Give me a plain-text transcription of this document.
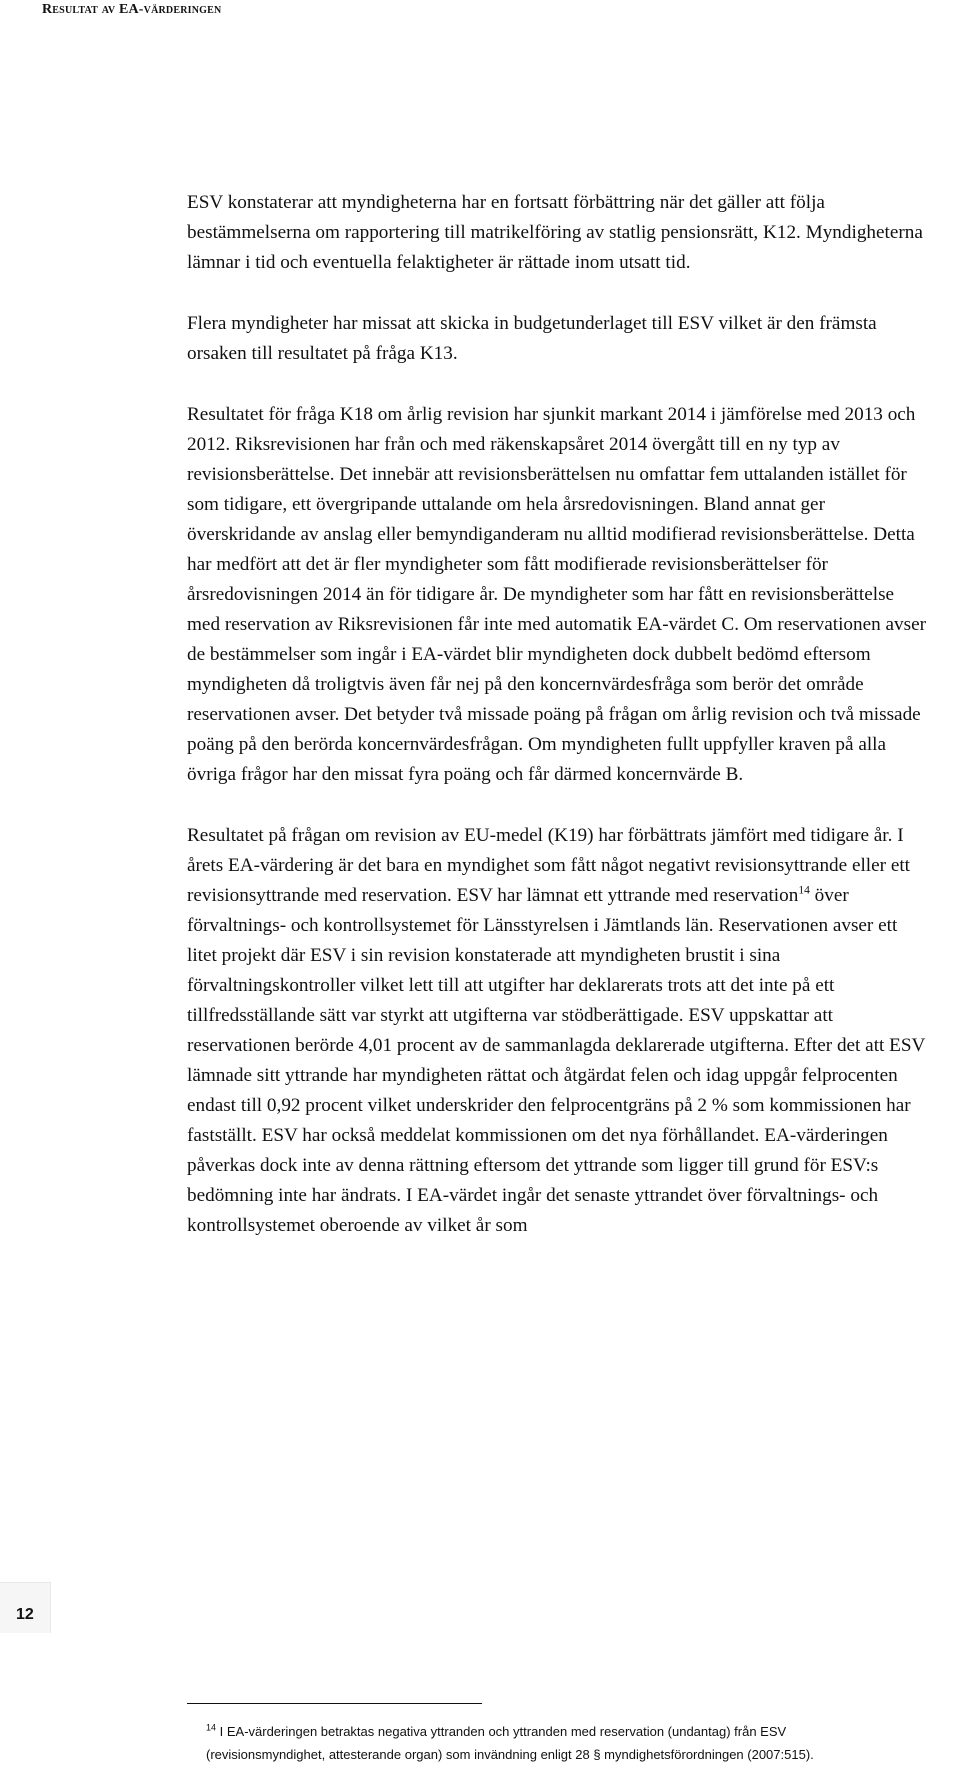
Resultat av EA-värderingen

ESV konstaterar att myndigheterna har en fortsatt förbättring när det gäller att följa bestämmelserna om rapportering till matrikelföring av statlig pensionsrätt, K12. Myndigheterna lämnar i tid och eventuella felaktigheter är rättade inom utsatt tid.

Flera myndigheter har missat att skicka in budgetunderlaget till ESV vilket är den främsta orsaken till resultatet på fråga K13.

Resultatet för fråga K18 om årlig revision har sjunkit markant 2014 i jämförelse med 2013 och 2012. Riksrevisionen har från och med räkenskapsåret 2014 övergått till en ny typ av revisionsberättelse. Det innebär att revisionsberättelsen nu omfattar fem uttalanden istället för som tidigare, ett övergripande uttalande om hela årsredovisningen. Bland annat ger överskridande av anslag eller bemyndiganderam nu alltid modifierad revisionsberättelse. Detta har medfört att det är fler myndigheter som fått modifierade revisionsberättelser för årsredovisningen 2014 än för tidigare år. De myndigheter som har fått en revisionsberättelse med reservation av Riksrevisionen får inte med automatik EA-värdet C. Om reservationen avser de bestämmelser som ingår i EA-värdet blir myndigheten dock dubbelt bedömd eftersom myndigheten då troligtvis även får nej på den koncernvärdesfråga som berör det område reservationen avser. Det betyder två missade poäng på frågan om årlig revision och två missade poäng på den berörda koncernvärdesfrågan. Om myndigheten fullt uppfyller kraven på alla övriga frågor har den missat fyra poäng och får därmed koncernvärde B.

Resultatet på frågan om revision av EU-medel (K19) har förbättrats jämfört med tidigare år. I årets EA-värdering är det bara en myndighet som fått något negativt revisionsyttrande eller ett revisionsyttrande med reservation. ESV har lämnat ett yttrande med reservation$^{14}$ över förvaltnings- och kontrollsystemet för Länsstyrelsen i Jämtlands län. Reservationen avser ett litet projekt där ESV i sin revision konstaterade att myndigheten brustit i sina förvaltningskontroller vilket lett till att utgifter har deklarerats trots att det inte på ett tillfredsställande sätt var styrkt att utgifterna var stödberättigade. ESV uppskattar att reservationen berörde 4,01 procent av de sammanlagda deklarerade utgifterna. Efter det att ESV lämnade sitt yttrande har myndigheten rättat och åtgärdat felen och idag uppgår felprocenten endast till 0,92 procent vilket underskrider den felprocentgräns på 2 % som kommissionen har fastställt. ESV har också meddelat kommissionen om det nya förhållandet. EA-värderingen påverkas dock inte av denna rättning eftersom det yttrande som ligger till grund för ESV:s bedömning inte har ändrats. I EA-värdet ingår det senaste yttrandet över förvaltnings- och kontrollsystemet oberoende av vilket år som

$^{14}$ I EA-värderingen betraktas negativa yttranden och yttranden med reservation (undantag) från ESV (revisionsmyndighet, attesterande organ) som invändning enligt 28 § myndighetsförordningen (2007:515).
12
